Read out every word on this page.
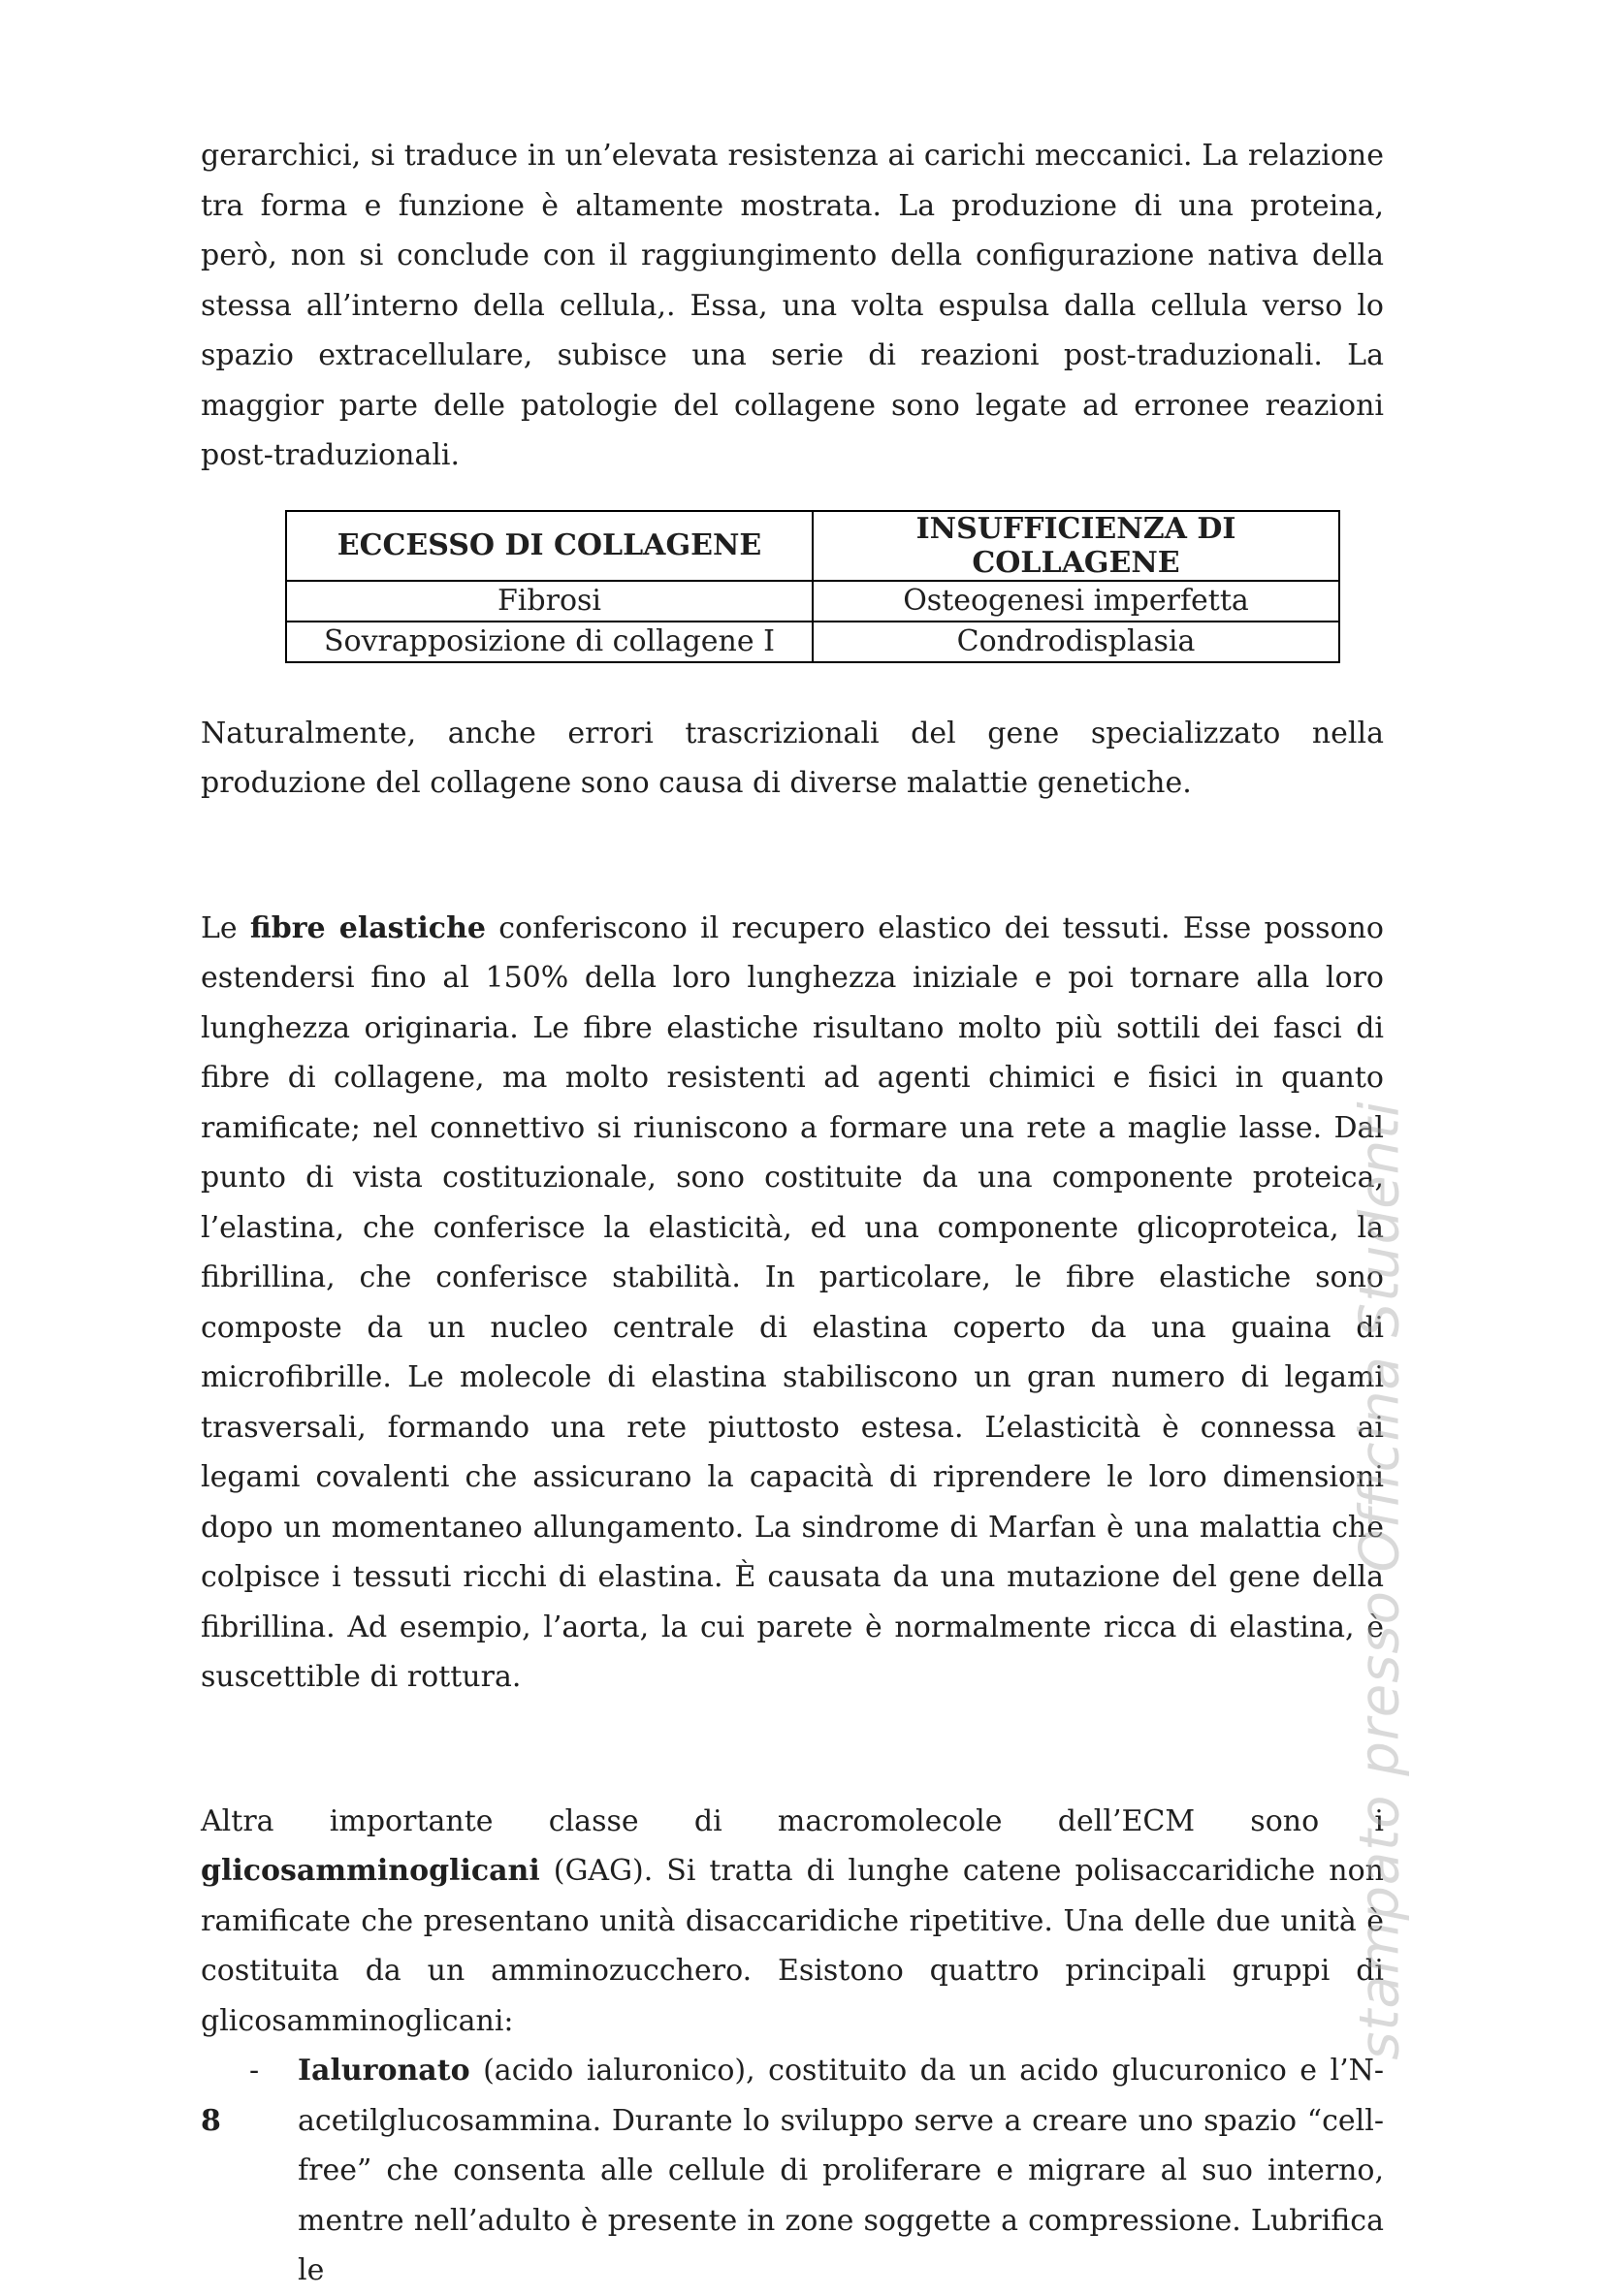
gerarchici, si traduce in un’elevata resistenza ai carichi meccanici. La relazione tra forma e funzione è altamente mostrata. La produzione di una proteina, però, non si conclude con il raggiungimento della configurazione nativa della stessa all’interno della cellula,. Essa, una volta espulsa dalla cellula verso lo spazio extracellulare, subisce una serie di reazioni post-traduzionali. La maggior parte delle patologie del collagene sono legate ad erronee reazioni post-traduzionali.

ECCESSO DI COLLAGENE	INSUFFICIENZA DI COLLAGENE
Fibrosi	Osteogenesi imperfetta
Sovrapposizione di collagene I	Condrodisplasia

Naturalmente, anche errori trascrizionali del gene specializzato nella produzione del collagene sono causa di diverse malattie genetiche.

Le fibre elastiche conferiscono il recupero elastico dei tessuti. Esse possono estendersi fino al 150% della loro lunghezza iniziale e poi tornare alla loro lunghezza originaria. Le fibre elastiche risultano molto più sottili dei fasci di fibre di collagene, ma molto resistenti ad agenti chimici e fisici in quanto ramificate; nel connettivo si riuniscono a formare una rete a maglie lasse. Dal punto di vista costituzionale, sono costituite da una componente proteica, l’elastina, che conferisce la elasticità, ed una componente glicoproteica, la fibrillina, che conferisce stabilità. In particolare, le fibre elastiche sono composte da un nucleo centrale di elastina coperto da una guaina di microfibrille. Le molecole di elastina stabiliscono un gran numero di legami trasversali, formando una rete piuttosto estesa. L’elasticità è connessa ai legami covalenti che assicurano la capacità di riprendere le loro dimensioni dopo un momentaneo allungamento. La sindrome di Marfan è una malattia che colpisce i tessuti ricchi di elastina. È causata da una mutazione del gene della fibrillina. Ad esempio, l’aorta, la cui parete è normalmente ricca di elastina, è suscettible di rottura.

Altra importante classe di macromolecole dell’ECM sono i glicosamminoglicani (GAG). Si tratta di lunghe catene polisaccaridiche non ramificate che presentano unità disaccaridiche ripetitive. Una delle due unità è costituita da un amminozucchero. Esistono quattro principali gruppi di glicosamminoglicani:

- Ialuronato (acido ialuronico), costituito da un acido glucuronico e l’N-acetilglucosammina. Durante lo sviluppo serve a creare uno spazio “cell-free” che consenta alle cellule di proliferare e migrare al suo interno, mentre nell’adulto è presente in zone soggette a compressione. Lubrifica le

stampato presso Officina Studenti
8
